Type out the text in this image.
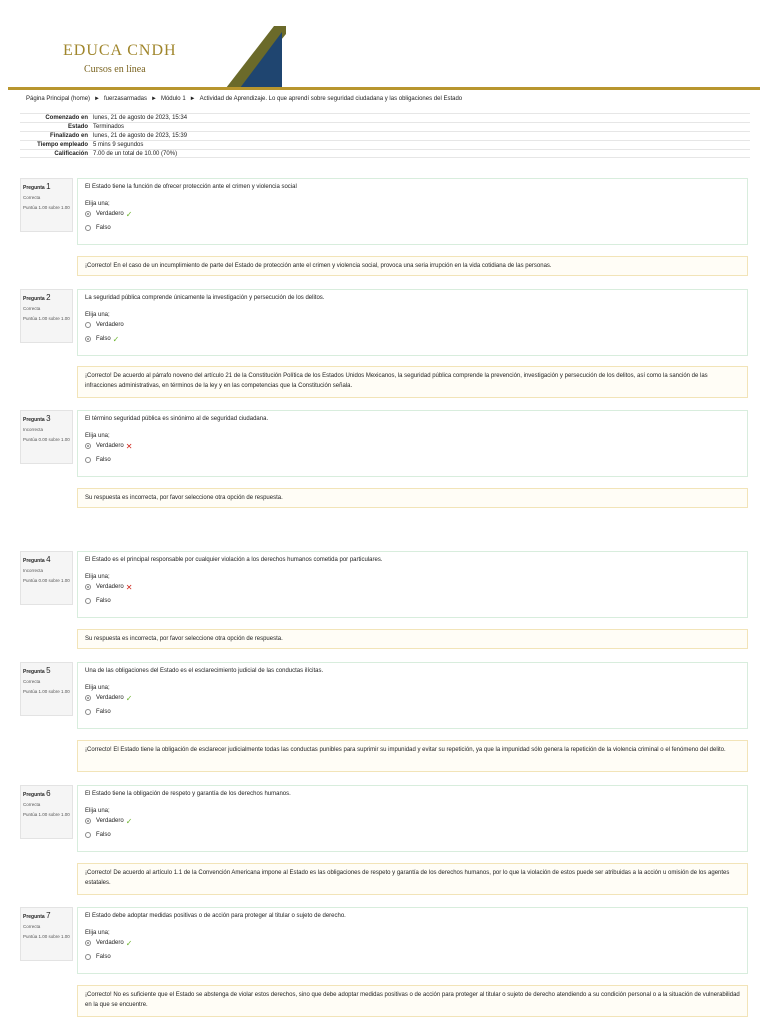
EDUCA CNDH
Cursos en línea
Página Principal (home) ► fuerzasarmadas ► Módulo 1 ► Actividad de Aprendizaje. Lo que aprendí sobre seguridad ciudadana y las obligaciones del Estado
Comenzado en lunes, 21 de agosto de 2023, 15:34
Estado Terminados
Finalizado en lunes, 21 de agosto de 2023, 15:39
Tiempo empleado 5 mins 9 segundos
Calificación 7.00 de un total de 10.00 (70%)
Pregunta 1
Correcta
Puntúa 1.00 sobre 1.00
El Estado tiene la función de ofrecer protección ante el crimen y violencia social
Elija una;
Verdadero ✓
Falso
¡Correcto! En el caso de un incumplimiento de parte del Estado de protección ante el crimen y violencia social, provoca una seria irrupción en la vida cotidiana de las personas.
Pregunta 2
Correcta
Puntúa 1.00 sobre 1.00
La seguridad pública comprende únicamente la investigación y persecución de los delitos.
Elija una;
Verdadero
Falso ✓
¡Correcto! De acuerdo al párrafo noveno del artículo 21 de la Constitución Política de los Estados Unidos Mexicanos, la seguridad pública comprende la prevención, investigación y persecución de los delitos, así como la sanción de las infracciones administrativas, en términos de la ley y en las competencias que la Constitución señala.
Pregunta 3
Incorrecta
Puntúa 0.00 sobre 1.00
El término seguridad pública es sinónimo al de seguridad ciudadana.
Elija una;
Verdadero ✕
Falso
Su respuesta es incorrecta, por favor seleccione otra opción de respuesta.
Pregunta 4
Incorrecta
Puntúa 0.00 sobre 1.00
El Estado es el principal responsable por cualquier violación a los derechos humanos cometida por particulares.
Elija una;
Verdadero ✕
Falso
Su respuesta es incorrecta, por favor seleccione otra opción de respuesta.
Pregunta 5
Correcta
Puntúa 1.00 sobre 1.00
Una de las obligaciones del Estado es el esclarecimiento judicial de las conductas ilícitas.
Elija una;
Verdadero ✓
Falso
¡Correcto! El Estado tiene la obligación de esclarecer judicialmente todas las conductas punibles para suprimir su impunidad y evitar su repetición, ya que la impunidad sólo genera la repetición de la violencia criminal o el fenómeno del delito.
Pregunta 6
Correcta
Puntúa 1.00 sobre 1.00
El Estado tiene la obligación de respeto y garantía de los derechos humanos.
Elija una;
Verdadero ✓
Falso
¡Correcto! De acuerdo al artículo 1.1 de la Convención Americana impone al Estado es las obligaciones de respeto y garantía de los derechos humanos, por lo que la violación de estos puede ser atribuidas a la acción u omisión de los agentes estatales.
Pregunta 7
Correcta
Puntúa 1.00 sobre 1.00
El Estado debe adoptar medidas positivas o de acción para proteger al titular o sujeto de derecho.
Elija una;
Verdadero ✓
Falso
¡Correcto! No es suficiente que el Estado se abstenga de violar estos derechos, sino que debe adoptar medidas positivas o de acción para proteger al titular o sujeto de derecho atendiendo a su condición personal o a la situación de vulnerabilidad en la que se encuentre.
